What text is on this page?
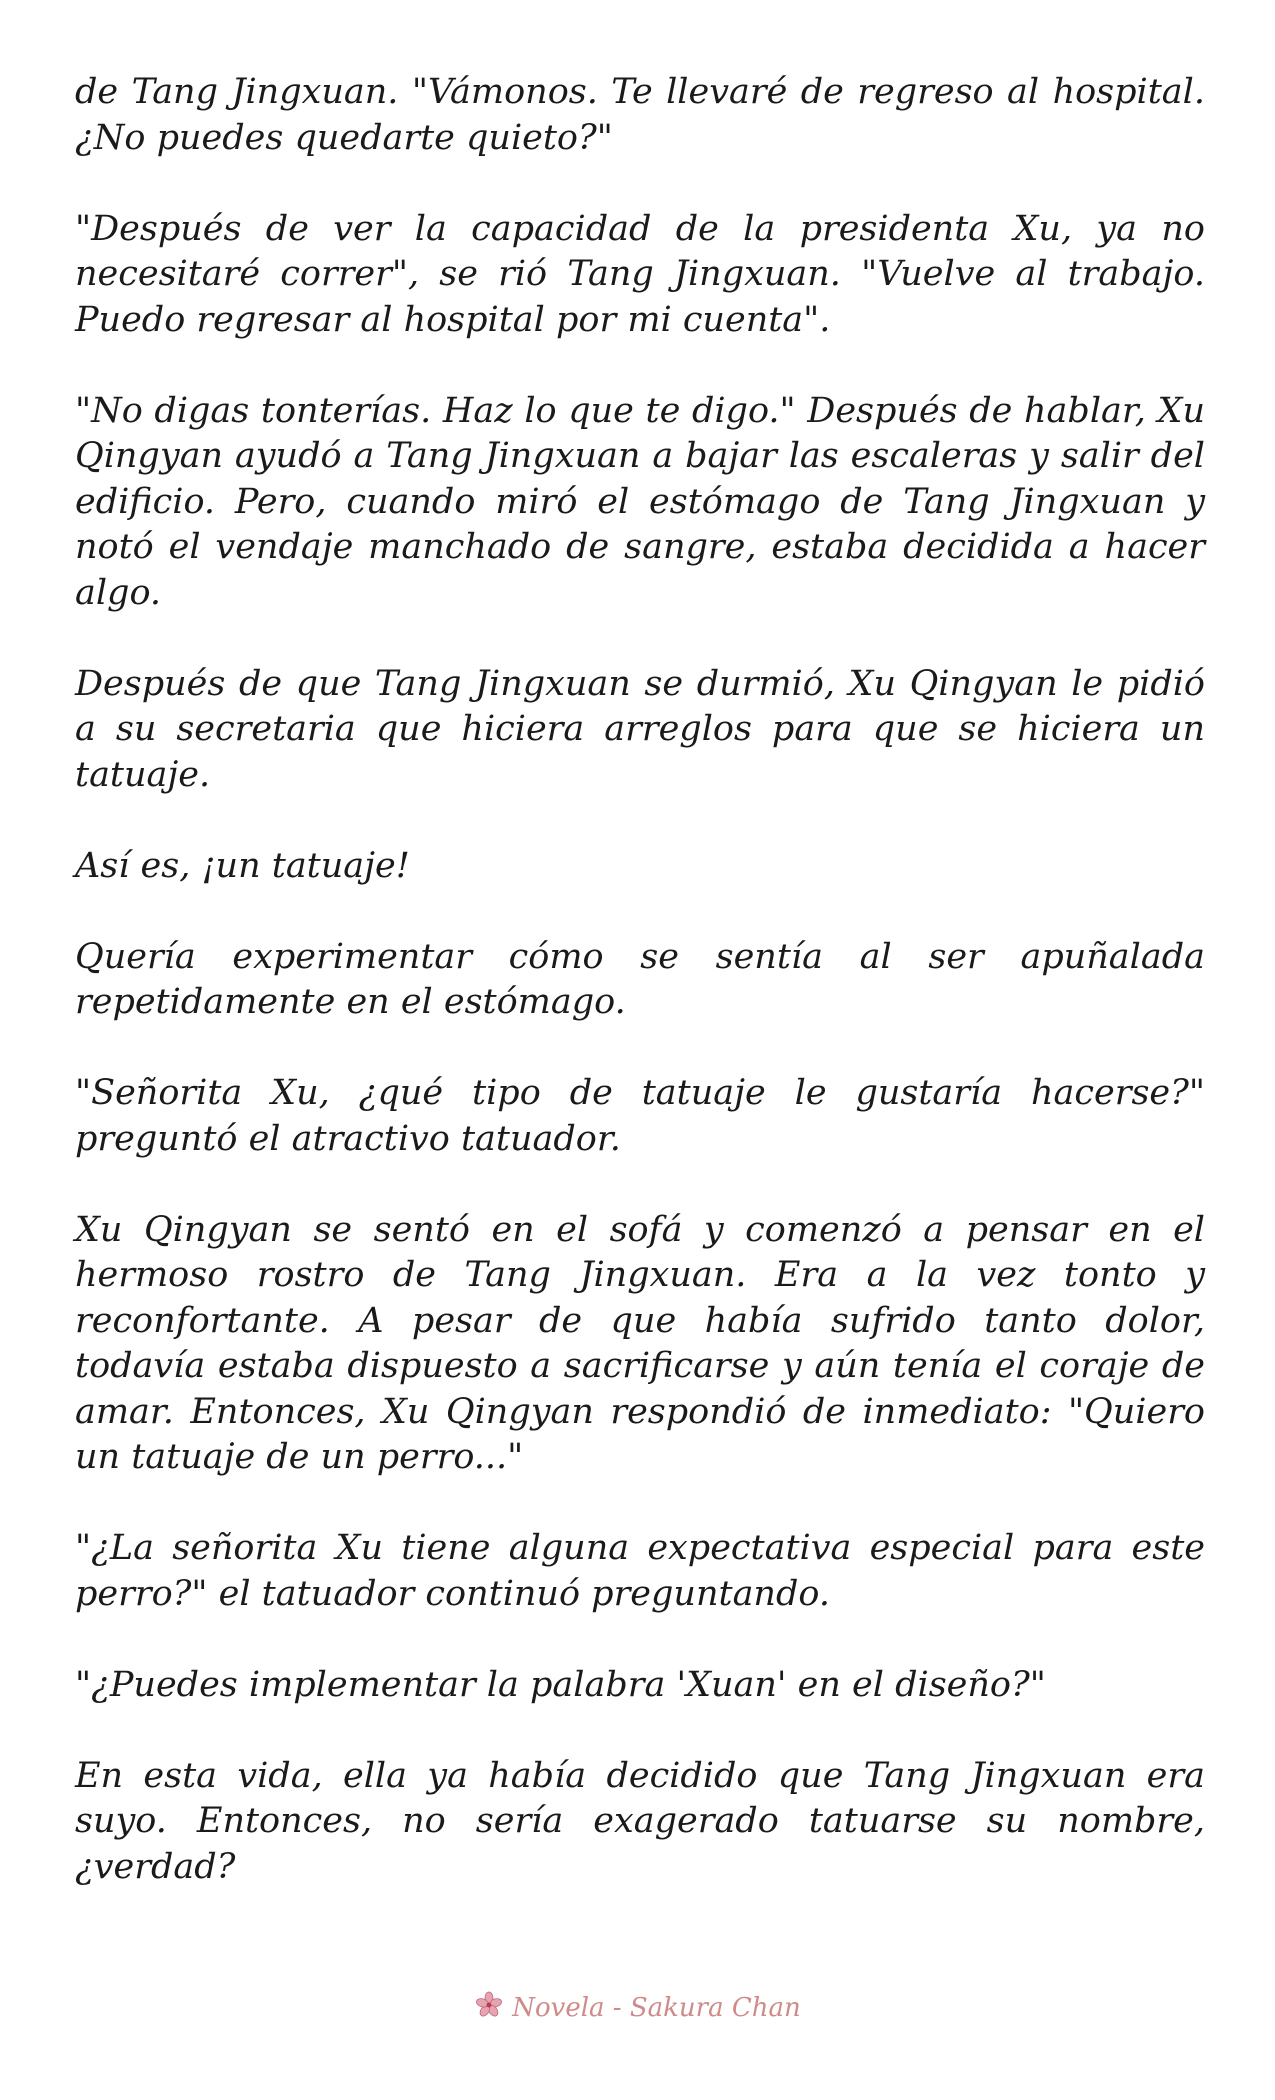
de Tang Jingxuan. "Vámonos. Te llevaré de regreso al hospital. ¿No puedes quedarte quieto?"

"Después de ver la capacidad de la presidenta Xu, ya no necesitaré correr", se rió Tang Jingxuan. "Vuelve al trabajo. Puedo regresar al hospital por mi cuenta".

"No digas tonterías. Haz lo que te digo." Después de hablar, Xu Qingyan ayudó a Tang Jingxuan a bajar las escaleras y salir del edificio. Pero, cuando miró el estómago de Tang Jingxuan y notó el vendaje manchado de sangre, estaba decidida a hacer algo.

Después de que Tang Jingxuan se durmió, Xu Qingyan le pidió a su secretaria que hiciera arreglos para que se hiciera un tatuaje.

Así es, ¡un tatuaje!

Quería experimentar cómo se sentía al ser apuñalada repetidamente en el estómago.

"Señorita Xu, ¿qué tipo de tatuaje le gustaría hacerse?" preguntó el atractivo tatuador.

Xu Qingyan se sentó en el sofá y comenzó a pensar en el hermoso rostro de Tang Jingxuan. Era a la vez tonto y reconfortante. A pesar de que había sufrido tanto dolor, todavía estaba dispuesto a sacrificarse y aún tenía el coraje de amar. Entonces, Xu Qingyan respondió de inmediato: "Quiero un tatuaje de un perro..."

"¿La señorita Xu tiene alguna expectativa especial para este perro?" el tatuador continuó preguntando.

"¿Puedes implementar la palabra 'Xuan' en el diseño?"

En esta vida, ella ya había decidido que Tang Jingxuan era suyo. Entonces, no sería exagerado tatuarse su nombre, ¿verdad?

Novela - Sakura Chan
